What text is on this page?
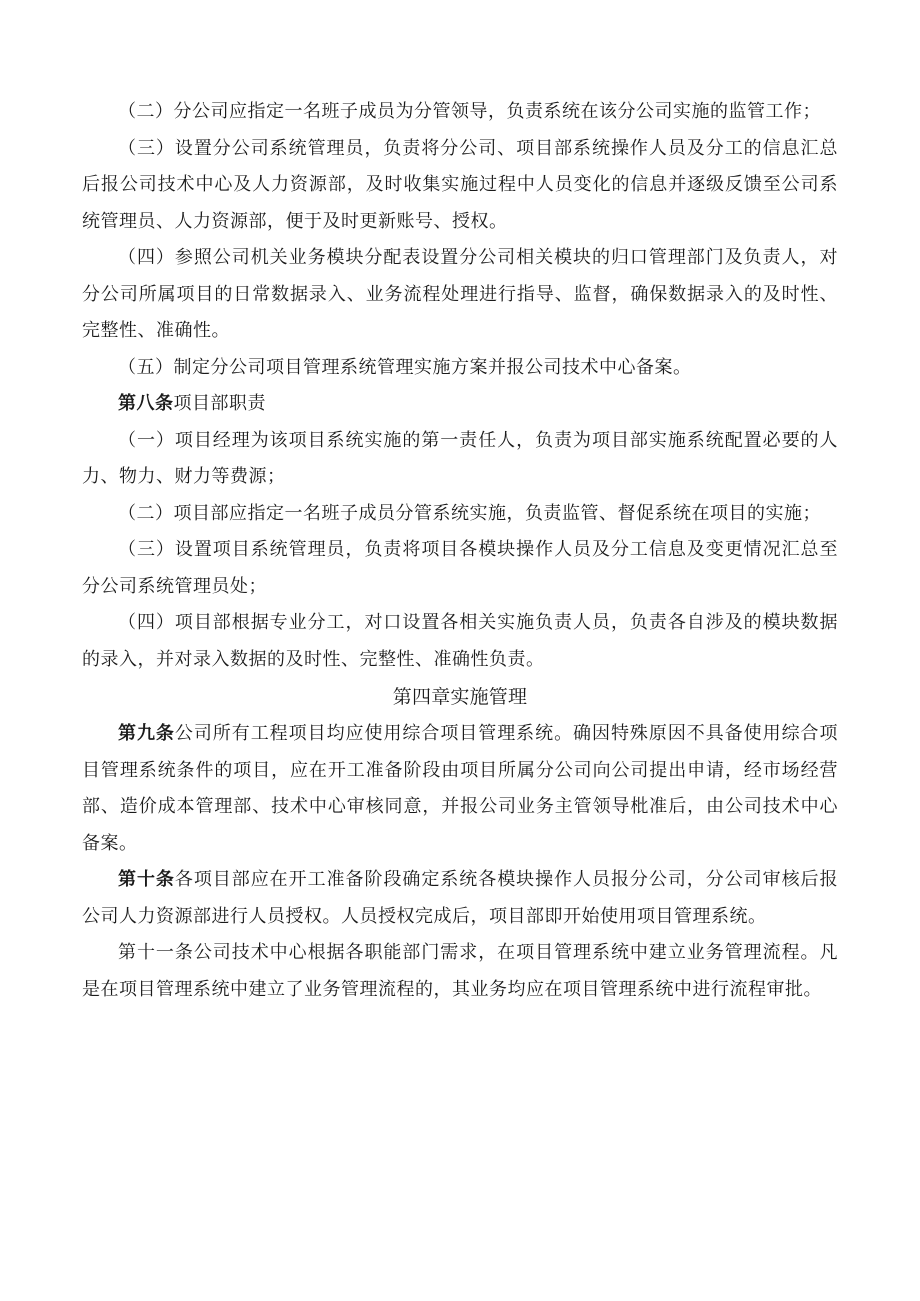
（二）分公司应指定一名班子成员为分管领导，负责系统在该分公司实施的监管工作；

（三）设置分公司系统管理员，负责将分公司、项目部系统操作人员及分工的信息汇总后报公司技术中心及人力资源部，及时收集实施过程中人员变化的信息并逐级反馈至公司系统管理员、人力资源部，便于及时更新账号、授权。

（四）参照公司机关业务模块分配表设置分公司相关模块的归口管理部门及负责人，对分公司所属项目的日常数据录入、业务流程处理进行指导、监督，确保数据录入的及时性、完整性、准确性。

（五）制定分公司项目管理系统管理实施方案并报公司技术中心备案。

第八条项目部职责

（一）项目经理为该项目系统实施的第一责任人，负责为项目部实施系统配置必要的人力、物力、财力等费源；

（二）项目部应指定一名班子成员分管系统实施，负责监管、督促系统在项目的实施；

（三）设置项目系统管理员，负责将项目各模块操作人员及分工信息及变更情况汇总至分公司系统管理员处；

（四）项目部根据专业分工，对口设置各相关实施负责人员，负责各自涉及的模块数据的录入，并对录入数据的及时性、完整性、准确性负责。

第四章实施管理

第九条公司所有工程项目均应使用综合项目管理系统。确因特殊原因不具备使用综合项目管理系统条件的项目，应在开工准备阶段由项目所属分公司向公司提出申请，经市场经营部、造价成本管理部、技术中心审核同意，并报公司业务主管领导枇准后，由公司技术中心备案。

第十条各项目部应在开工准备阶段确定系统各模块操作人员报分公司，分公司审核后报公司人力资源部进行人员授权。人员授权完成后，项目部即开始使用项目管理系统。

第十一条公司技术中心根据各职能部门需求，在项目管理系统中建立业务管理流程。凡是在项目管理系统中建立了业务管理流程的，其业务均应在项目管理系统中进行流程审批。
